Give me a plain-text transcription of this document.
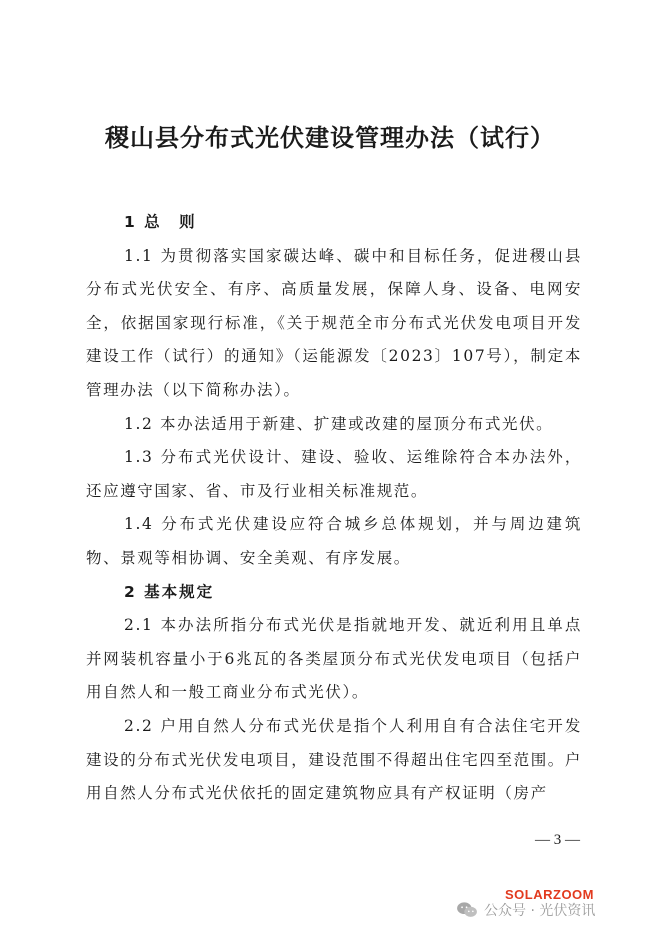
稷山县分布式光伏建设管理办法（试行）

1 总　则

1.1 为贯彻落实国家碳达峰、碳中和目标任务，促进稷山县分布式光伏安全、有序、高质量发展，保障人身、设备、电网安全，依据国家现行标准，《关于规范全市分布式光伏发电项目开发建设工作（试行）的通知》（运能源发〔2023〕107号），制定本管理办法（以下简称办法）。

1.2 本办法适用于新建、扩建或改建的屋顶分布式光伏。

1.3 分布式光伏设计、建设、验收、运维除符合本办法外，还应遵守国家、省、市及行业相关标准规范。

1.4 分布式光伏建设应符合城乡总体规划，并与周边建筑物、景观等相协调、安全美观、有序发展。

2 基本规定

2.1 本办法所指分布式光伏是指就地开发、就近利用且单点并网装机容量小于6兆瓦的各类屋顶分布式光伏发电项目（包括户用自然人和一般工商业分布式光伏）。

2.2 户用自然人分布式光伏是指个人利用自有合法住宅开发建设的分布式光伏发电项目，建设范围不得超出住宅四至范围。户用自然人分布式光伏依托的固定建筑物应具有产权证明（房产

— 3 —
SOLARZOOM
公众号 · 光伏资讯
